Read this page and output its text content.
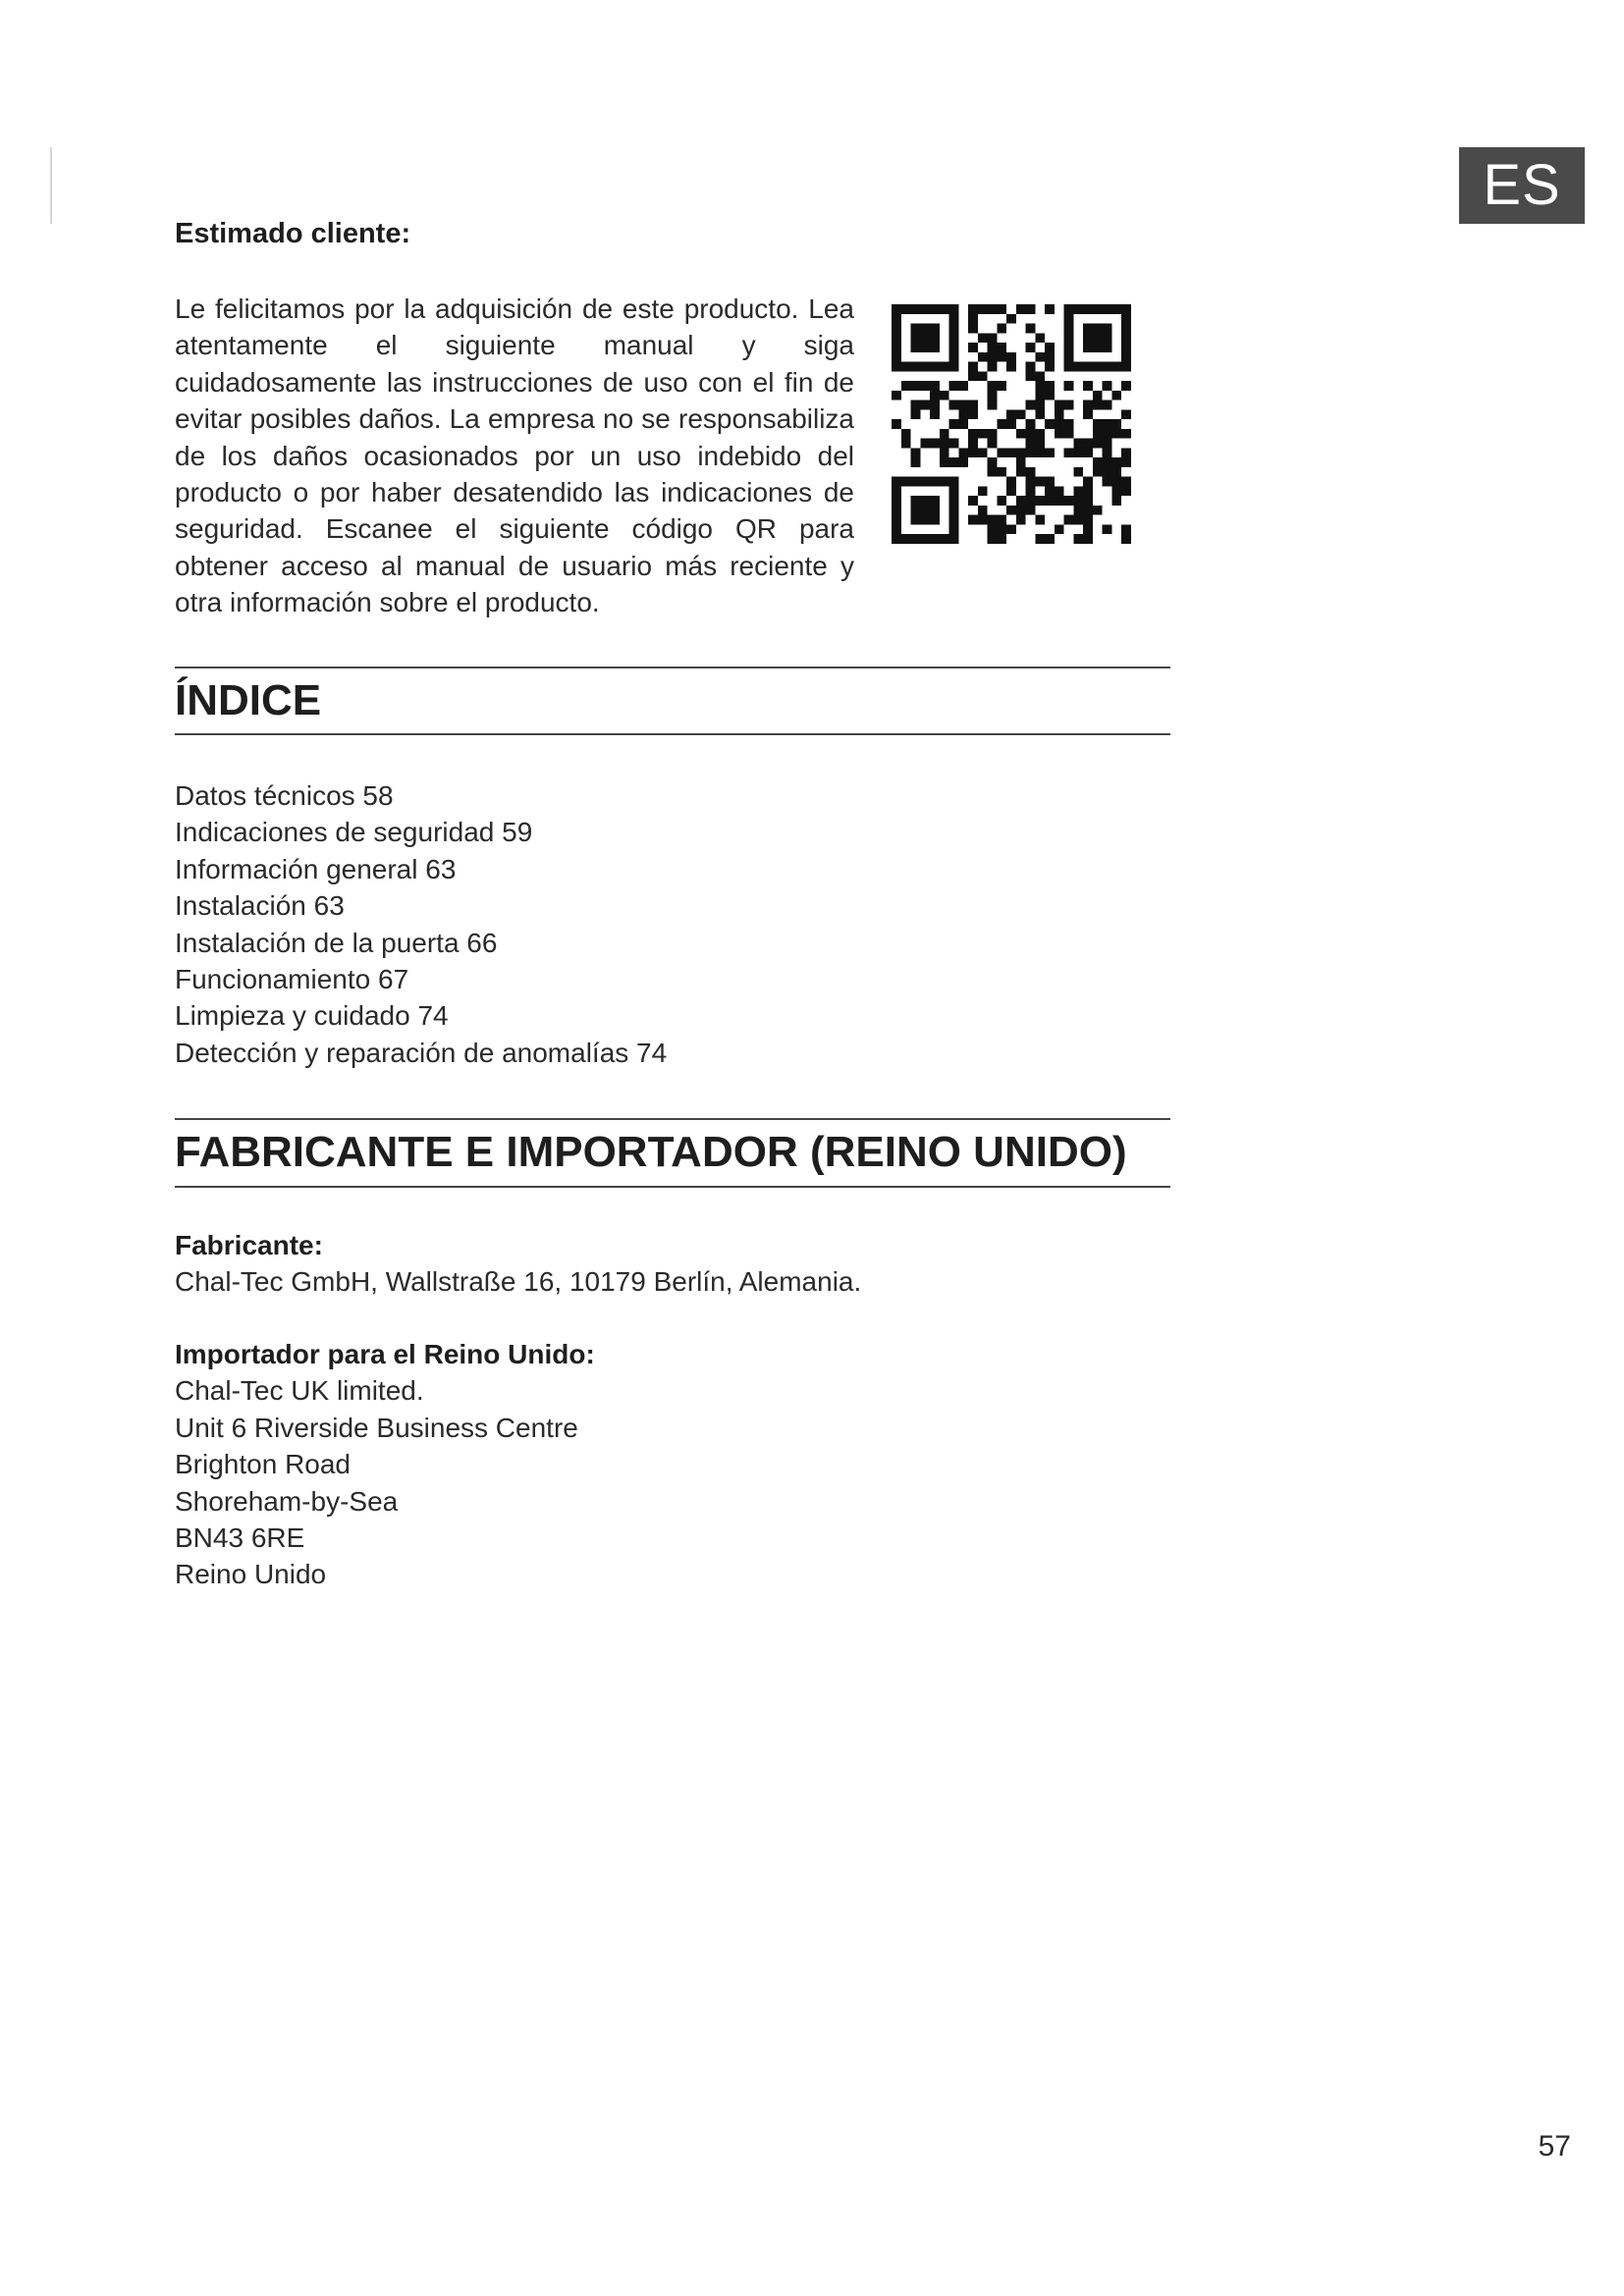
ES
Estimado cliente:

Le felicitamos por la adquisición de este producto. Lea atentamente el siguiente manual y siga cuidadosamente las instrucciones de uso con el fin de evitar posibles daños. La empresa no se responsabiliza de los daños ocasionados por un uso indebido del producto o por haber desatendido las indicaciones de seguridad. Escanee el siguiente código QR para obtener acceso al manual de usuario más reciente y otra información sobre el producto.

ÍNDICE
Datos técnicos 58
Indicaciones de seguridad 59
Información general 63
Instalación 63
Instalación de la puerta 66
Funcionamiento 67
Limpieza y cuidado 74
Detección y reparación de anomalías 74
FABRICANTE E IMPORTADOR (REINO UNIDO)
Fabricante:
Chal-Tec GmbH, Wallstraße 16, 10179 Berlín, Alemania.
Importador para el Reino Unido:
Chal-Tec UK limited.
Unit 6 Riverside Business Centre
Brighton Road
Shoreham-by-Sea
BN43 6RE
Reino Unido
57
